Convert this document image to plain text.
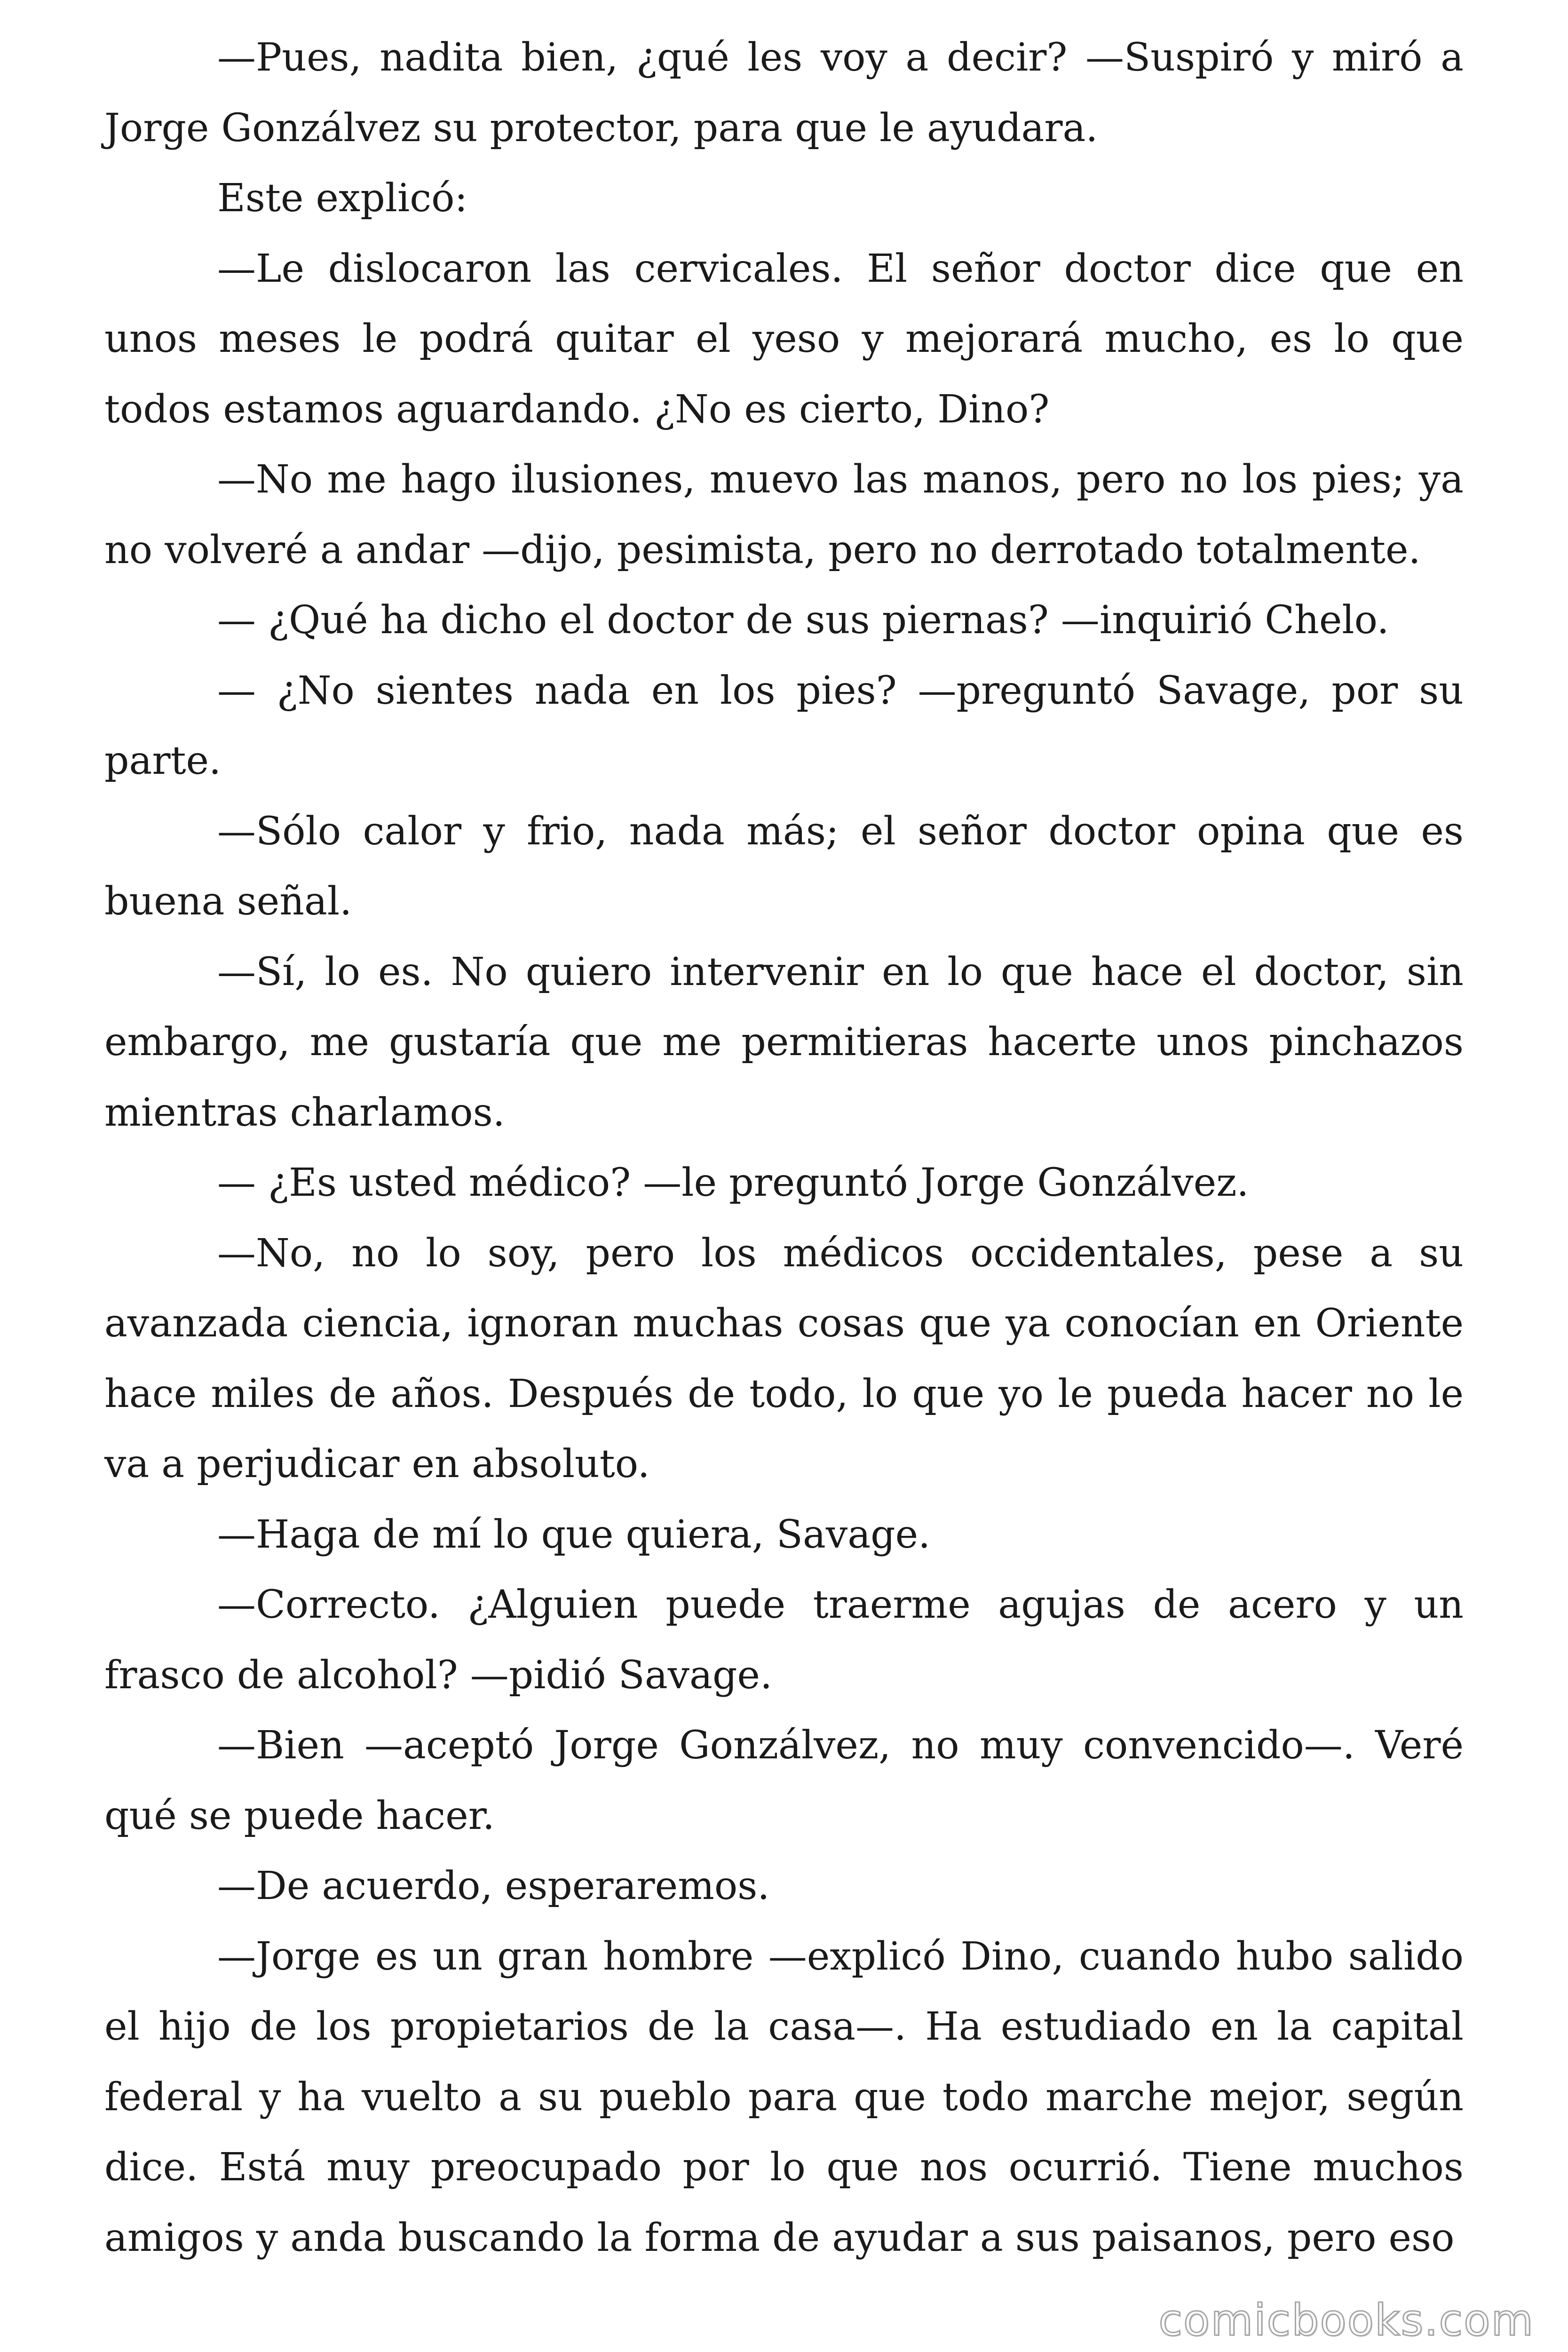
—Pues, nadita bien, ¿qué les voy a decir? —Suspiró y miró a Jorge Gonzálvez su protector, para que le ayudara.

Este explicó:

—Le dislocaron las cervicales. El señor doctor dice que en unos meses le podrá quitar el yeso y mejorará mucho, es lo que todos estamos aguardando. ¿No es cierto, Dino?

—No me hago ilusiones, muevo las manos, pero no los pies; ya no volveré a andar —dijo, pesimista, pero no derrotado totalmente.

— ¿Qué ha dicho el doctor de sus piernas? —inquirió Chelo.

— ¿No sientes nada en los pies? —preguntó Savage, por su parte.

—Sólo calor y frio, nada más; el señor doctor opina que es buena señal.

—Sí, lo es. No quiero intervenir en lo que hace el doctor, sin embargo, me gustaría que me permitieras hacerte unos pinchazos mientras charlamos.

— ¿Es usted médico? —le preguntó Jorge Gonzálvez.

—No, no lo soy, pero los médicos occidentales, pese a su avanzada ciencia, ignoran muchas cosas que ya conocían en Oriente hace miles de años. Después de todo, lo que yo le pueda hacer no le va a perjudicar en absoluto.

—Haga de mí lo que quiera, Savage.

—Correcto. ¿Alguien puede traerme agujas de acero y un frasco de alcohol? —pidió Savage.

—Bien —aceptó Jorge Gonzálvez, no muy convencido—. Veré qué se puede hacer.

—De acuerdo, esperaremos.

—Jorge es un gran hombre —explicó Dino, cuando hubo salido el hijo de los propietarios de la casa—. Ha estudiado en la capital federal y ha vuelto a su pueblo para que todo marche mejor, según dice. Está muy preocupado por lo que nos ocurrió. Tiene muchos amigos y anda buscando la forma de ayudar a sus paisanos, pero eso

comicbooks.com
